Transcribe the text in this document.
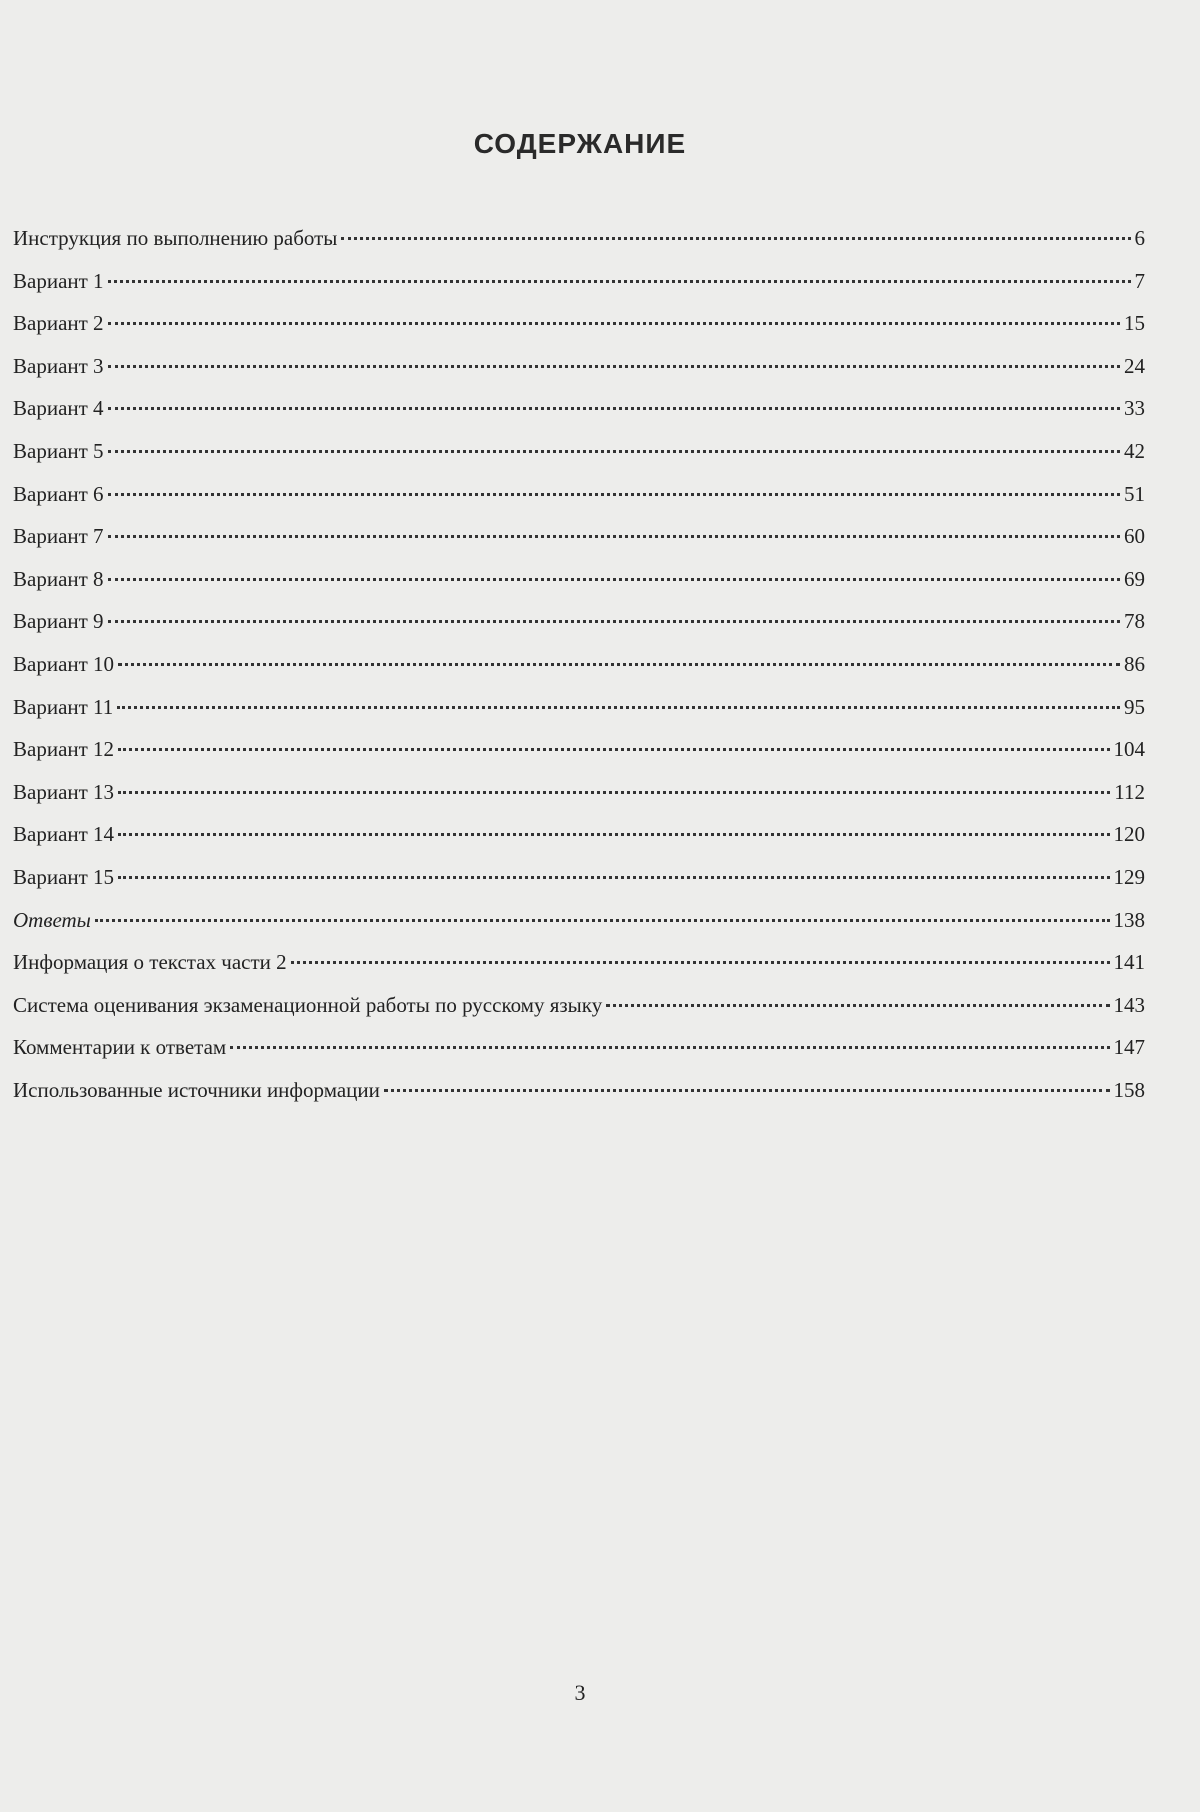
СОДЕРЖАНИЕ
Инструкция по выполнению работы	6
Вариант 1	7
Вариант 2	15
Вариант 3	24
Вариант 4	33
Вариант 5	42
Вариант 6	51
Вариант 7	60
Вариант 8	69
Вариант 9	78
Вариант 10	86
Вариант 11	95
Вариант 12	104
Вариант 13	112
Вариант 14	120
Вариант 15	129
Ответы	138
Информация о текстах части 2	141
Система оценивания экзаменационной работы по русскому языку	143
Комментарии к ответам	147
Использованные источники информации	158
3
